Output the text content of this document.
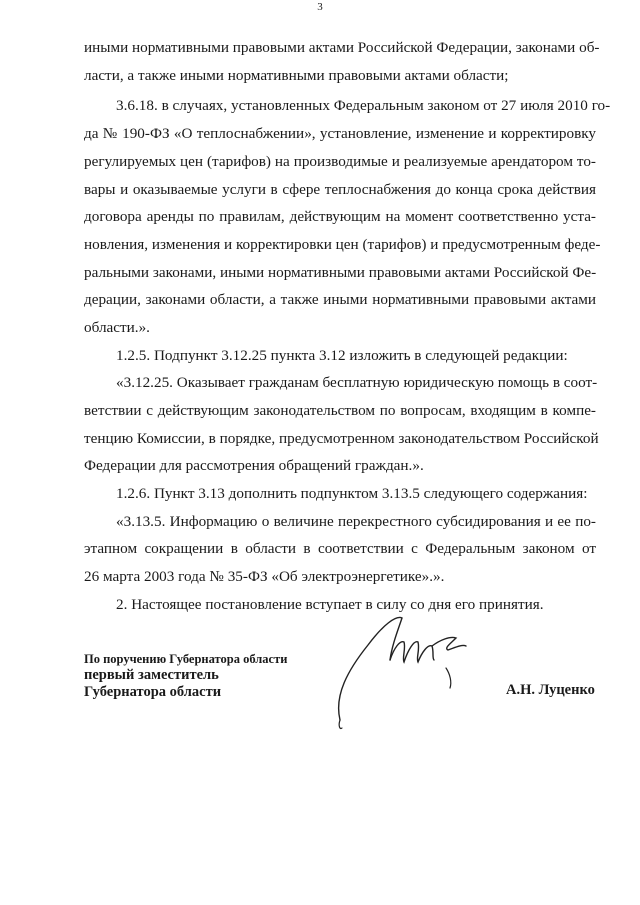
3
иными нормативными правовыми актами Российской Федерации, законами об-
ласти, а также иными нормативными правовыми актами области;
3.6.18. в случаях, установленных Федеральным законом от 27 июля 2010 го-
да № 190-ФЗ «О теплоснабжении», установление, изменение и корректировку
регулируемых цен (тарифов) на производимые и реализуемые арендатором то-
вары и оказываемые услуги в сфере теплоснабжения до конца срока действия
договора аренды по правилам, действующим на момент соответственно уста-
новления, изменения и корректировки цен (тарифов) и предусмотренным феде-
ральными законами, иными нормативными правовыми актами Российской Фе-
дерации, законами области, а также иными нормативными правовыми актами
области.».
1.2.5. Подпункт 3.12.25 пункта 3.12 изложить в следующей редакции:
«3.12.25. Оказывает гражданам бесплатную юридическую помощь в соот-
ветствии с действующим законодательством по вопросам, входящим в компе-
тенцию Комиссии, в порядке, предусмотренном законодательством Российской
Федерации для рассмотрения обращений граждан.».
1.2.6. Пункт 3.13 дополнить подпунктом 3.13.5 следующего содержания:
«3.13.5. Информацию о величине перекрестного субсидирования и ее по-
этапном сокращении в области в соответствии с Федеральным законом от
26 марта 2003 года № 35-ФЗ «Об электроэнергетике».».
2. Настоящее постановление вступает в силу со дня его принятия.
По поручению Губернатора области
первый заместитель
Губернатора области	А.Н. Луценко
